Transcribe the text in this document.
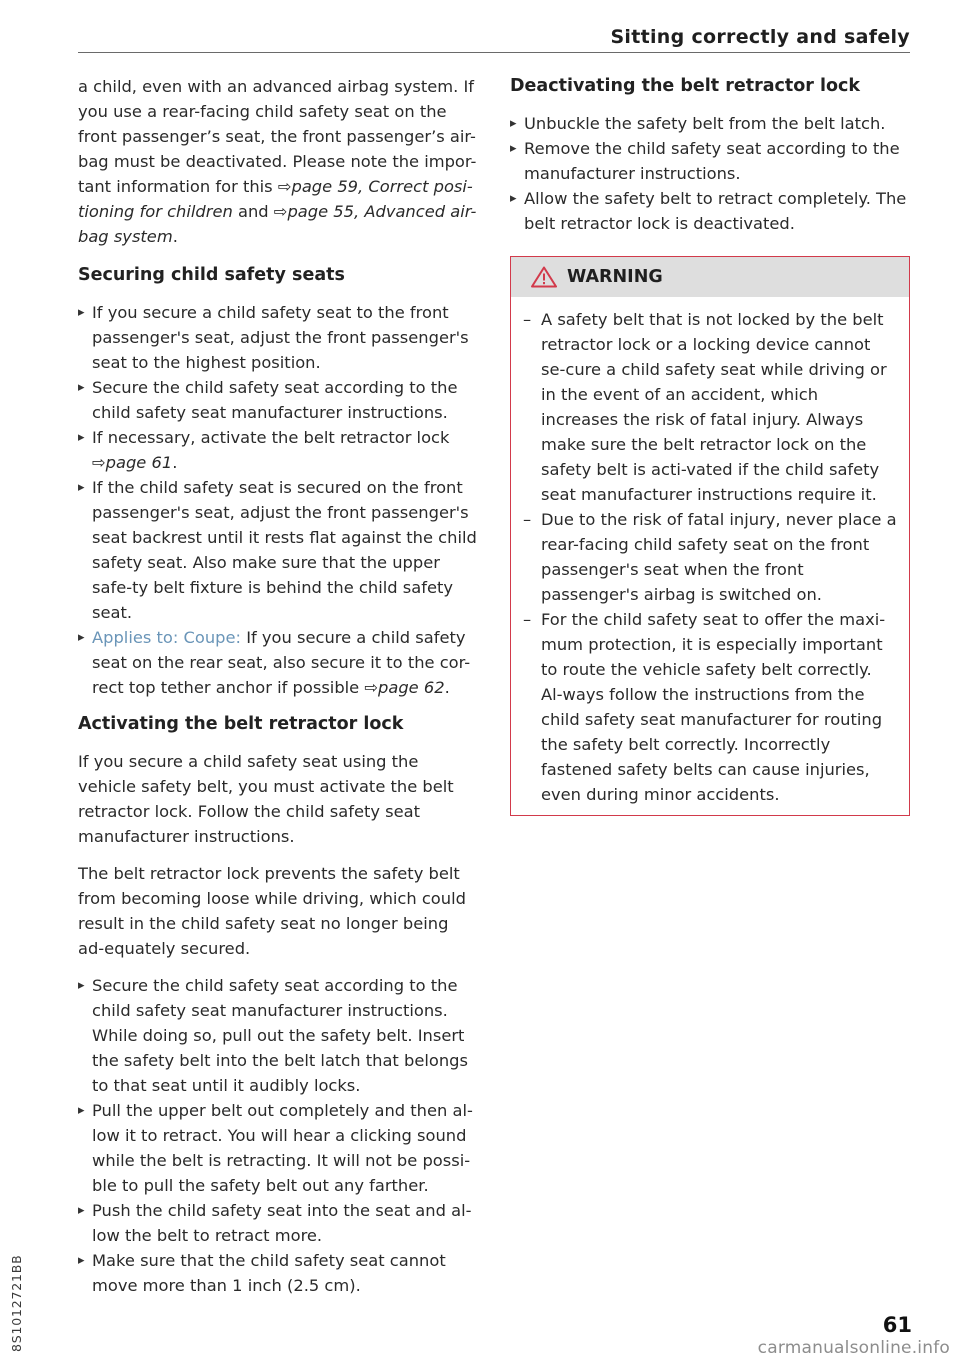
Sitting correctly and safely

a child, even with an advanced airbag system. If you use a rear-facing child safety seat on the front passenger’s seat, the front passenger’s air-bag must be deactivated. Please note the impor-tant information for this ⇨page 59, Correct posi-tioning for children and ⇨page 55, Advanced air-bag system.

Securing child safety seats
▸ If you secure a child safety seat to the front passenger's seat, adjust the front passenger's seat to the highest position.
▸ Secure the child safety seat according to the child safety seat manufacturer instructions.
▸ If necessary, activate the belt retractor lock ⇨page 61.
▸ If the child safety seat is secured on the front passenger's seat, adjust the front passenger's seat backrest until it rests flat against the child safety seat. Also make sure that the upper safe-ty belt fixture is behind the child safety seat.
▸ Applies to: Coupe: If you secure a child safety seat on the rear seat, also secure it to the cor-rect top tether anchor if possible ⇨page 62.
Activating the belt retractor lock

If you secure a child safety seat using the vehicle safety belt, you must activate the belt retractor lock. Follow the child safety seat manufacturer instructions.

The belt retractor lock prevents the safety belt from becoming loose while driving, which could result in the child safety seat no longer being ad-equately secured.

▸ Secure the child safety seat according to the child safety seat manufacturer instructions. While doing so, pull out the safety belt. Insert the safety belt into the belt latch that belongs to that seat until it audibly locks.
▸ Pull the upper belt out completely and then al-low it to retract. You will hear a clicking sound while the belt is retracting. It will not be possi-ble to pull the safety belt out any farther.
▸ Push the child safety seat into the seat and al-low the belt to retract more.
▸ Make sure that the child safety seat cannot move more than 1 inch (2.5 cm).
Deactivating the belt retractor lock
▸ Unbuckle the safety belt from the belt latch.
▸ Remove the child safety seat according to the manufacturer instructions.
▸ Allow the safety belt to retract completely. The belt retractor lock is deactivated.
WARNING
– A safety belt that is not locked by the belt retractor lock or a locking device cannot se-cure a child safety seat while driving or in the event of an accident, which increases the risk of fatal injury. Always make sure the belt retractor lock on the safety belt is acti-vated if the child safety seat manufacturer instructions require it.
– Due to the risk of fatal injury, never place a rear-facing child safety seat on the front passenger's seat when the front passenger's airbag is switched on.
– For the child safety seat to offer the maxi-mum protection, it is especially important to route the vehicle safety belt correctly. Al-ways follow the instructions from the child safety seat manufacturer for routing the safety belt correctly. Incorrectly fastened safety belts can cause injuries, even during minor accidents.
8S1012721BB	61
carmanualsonline.info
